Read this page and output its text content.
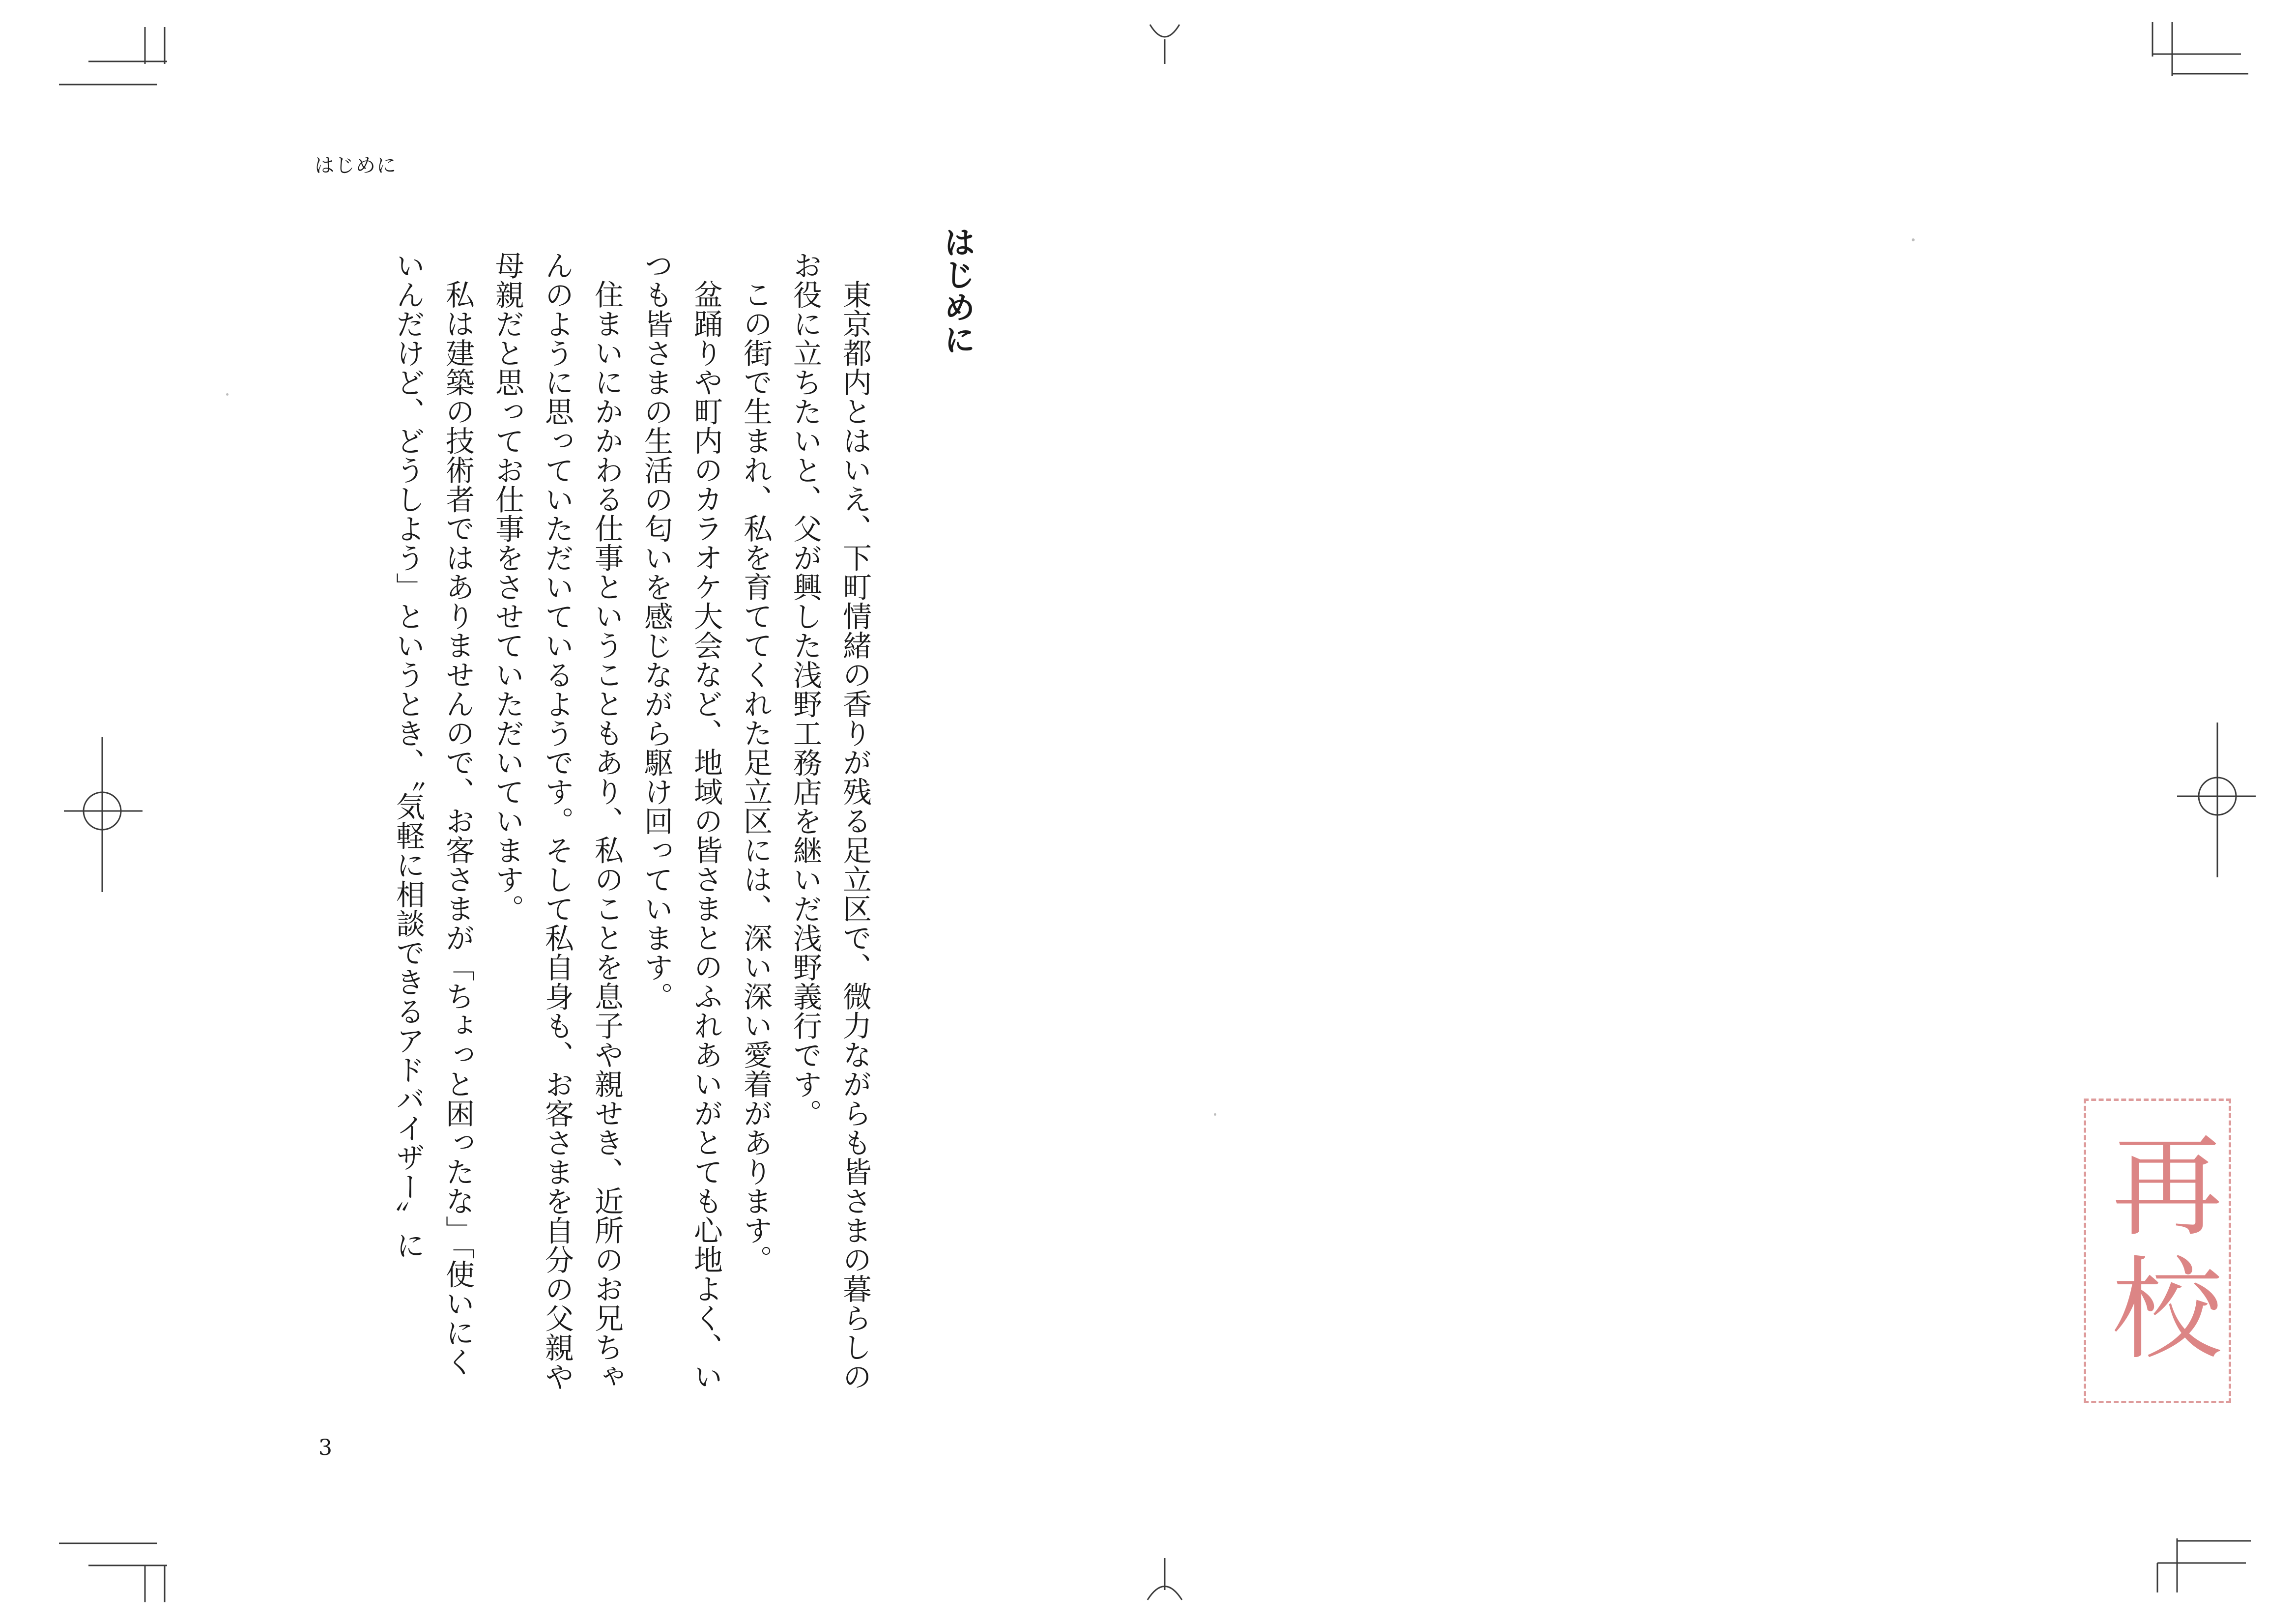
はじめに
はじめに

東京都内とはいえ、下町情緒の香りが残る足立区で、微力ながらも皆さまの暮らしのお役に立ちたいと、父が興した浅野工務店を継いだ浅野義行です。

この街で生まれ、私を育ててくれた足立区には、深い深い愛着があります。

盆踊りや町内のカラオケ大会など、地域の皆さまとのふれあいがとても心地よく、いつも皆さまの生活の匂いを感じながら駆け回っています。

住まいにかかわる仕事ということもあり、私のことを息子や親せき、近所のお兄ちゃんのように思っていただいているようです。そして私自身も、お客さまを自分の父親や母親だと思ってお仕事をさせていただいています。

私は建築の技術者ではありませんので、お客さまが「ちょっと困ったな」「使いにくいんだけど、どうしよう」というとき、〝気軽に相談できるアドバイザー〟に

3
再校
